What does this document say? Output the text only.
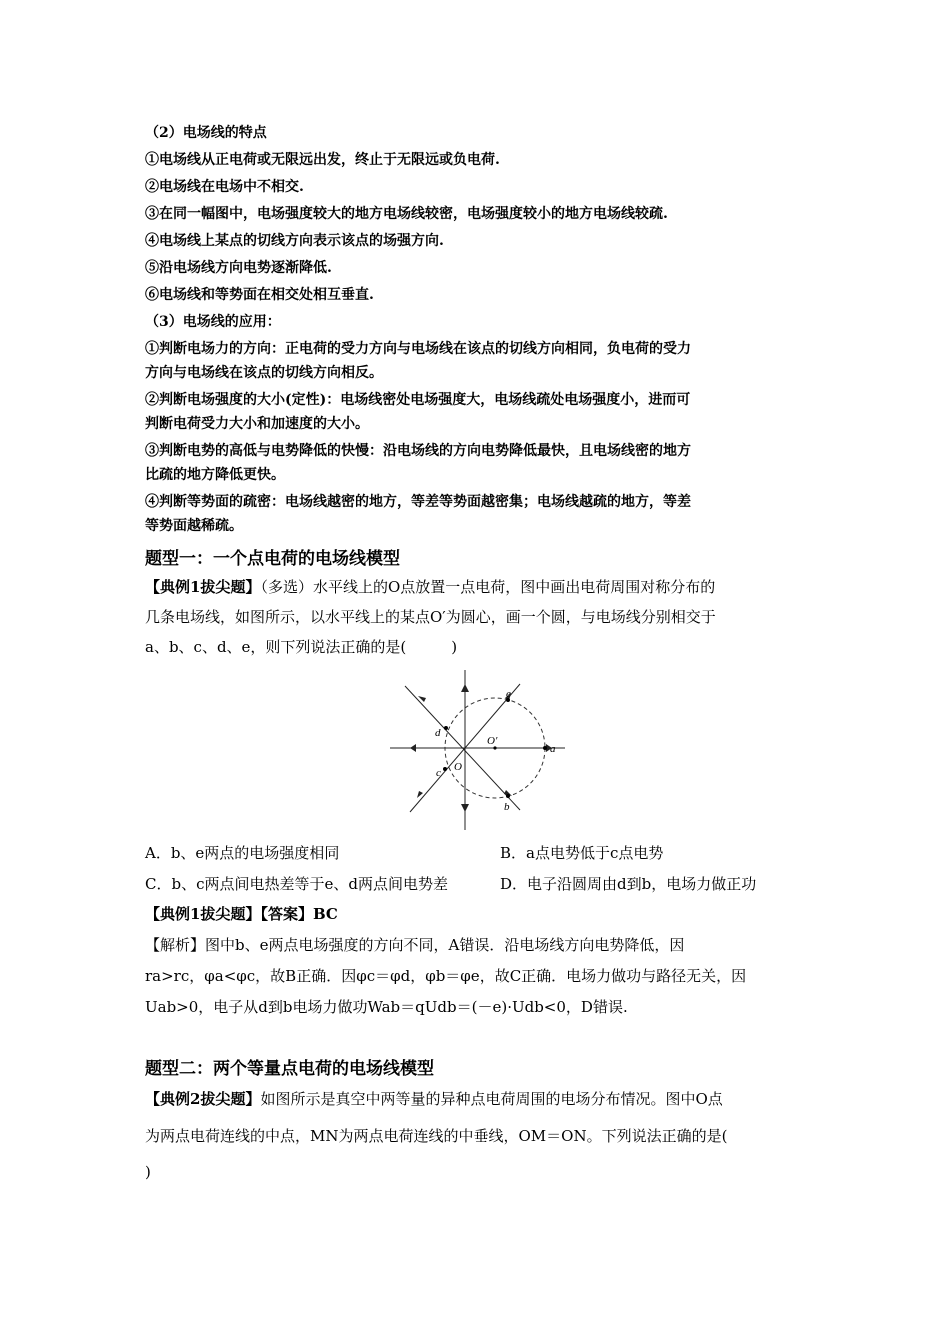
（2）电场线的特点
①电场线从正电荷或无限远出发，终止于无限远或负电荷.
②电场线在电场中不相交.
③在同一幅图中，电场强度较大的地方电场线较密，电场强度较小的地方电场线较疏.
④电场线上某点的切线方向表示该点的场强方向.
⑤沿电场线方向电势逐渐降低.
⑥电场线和等势面在相交处相互垂直.
（3）电场线的应用：
①判断电场力的方向：正电荷的受力方向与电场线在该点的切线方向相同，负电荷的受力
方向与电场线在该点的切线方向相反。
②判断电场强度的大小(定性)：电场线密处电场强度大，电场线疏处电场强度小，进而可
判断电荷受力大小和加速度的大小。
③判断电势的高低与电势降低的快慢：沿电场线的方向电势降低最快，且电场线密的地方
比疏的地方降低更快。
④判断等势面的疏密：电场线越密的地方，等差等势面越密集；电场线越疏的地方，等差
等势面越稀疏。
题型一：一个点电荷的电场线模型
【典例1拔尖题】（多选）水平线上的O点放置一点电荷，图中画出电荷周围对称分布的
几条电场线，如图所示，以水平线上的某点O′为圆心，画一个圆，与电场线分别相交于
a、b、c、d、e，则下列说法正确的是(　　　)
a
e
b
d
c O
O′
A．b、e两点的电场强度相同	B．a点电势低于c点电势
C．b、c两点间电热差等于e、d两点间电势差	D．电子沿圆周由d到b，电场力做正功
【典例1拔尖题】【答案】BC
【解析】图中b、e两点电场强度的方向不同，A错误．沿电场线方向电势降低，因
ra>rc，φa<φc，故B正确．因φc＝φd，φb＝φe，故C正确．电场力做功与路径无关，因
Uab>0，电子从d到b电场力做功Wab＝qUdb＝(－e)·Udb<0，D错误.
题型二：两个等量点电荷的电场线模型
【典例2拔尖题】如图所示是真空中两等量的异种点电荷周围的电场分布情况。图中O点
为两点电荷连线的中点，MN为两点电荷连线的中垂线，OM＝ON。下列说法正确的是(
)
